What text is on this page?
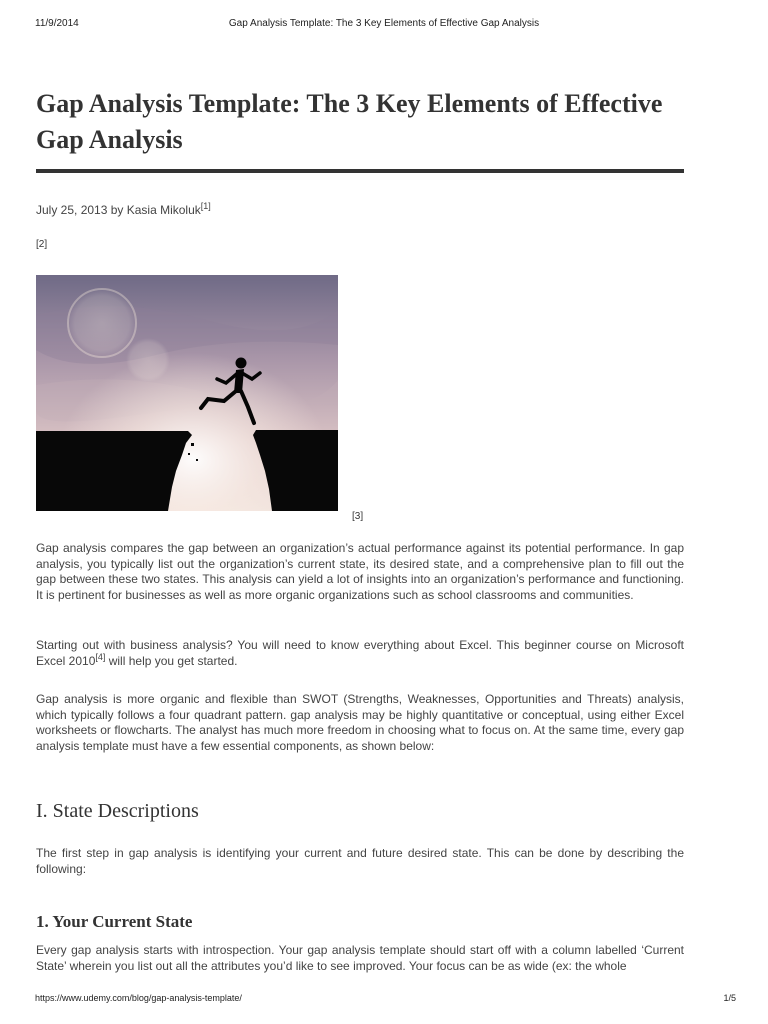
11/9/2014	Gap Analysis Template: The 3 Key Elements of Effective Gap Analysis
Gap Analysis Template: The 3 Key Elements of Effective Gap Analysis
July 25, 2013 by Kasia Mikoluk[1]
[2]
[3]

Gap analysis compares the gap between an organization’s actual performance against its potential performance. In gap analysis, you typically list out the organization’s current state, its desired state, and a comprehensive plan to fill out the gap between these two states. This analysis can yield a lot of insights into an organization’s performance and functioning. It is pertinent for businesses as well as more organic organizations such as school classrooms and communities.

Starting out with business analysis? You will need to know everything about Excel. This beginner course on Microsoft Excel 2010[4] will help you get started.

Gap analysis is more organic and flexible than SWOT (Strengths, Weaknesses, Opportunities and Threats) analysis, which typically follows a four quadrant pattern. gap analysis may be highly quantitative or conceptual, using either Excel worksheets or flowcharts. The analyst has much more freedom in choosing what to focus on. At the same time, every gap analysis template must have a few essential components, as shown below:

I. State Descriptions

The first step in gap analysis is identifying your current and future desired state. This can be done by describing the following:

1. Your Current State

Every gap analysis starts with introspection. Your gap analysis template should start off with a column labelled ‘Current State’ wherein you list out all the attributes you’d like to see improved. Your focus can be as wide (ex: the whole

https://www.udemy.com/blog/gap-analysis-template/	1/5
